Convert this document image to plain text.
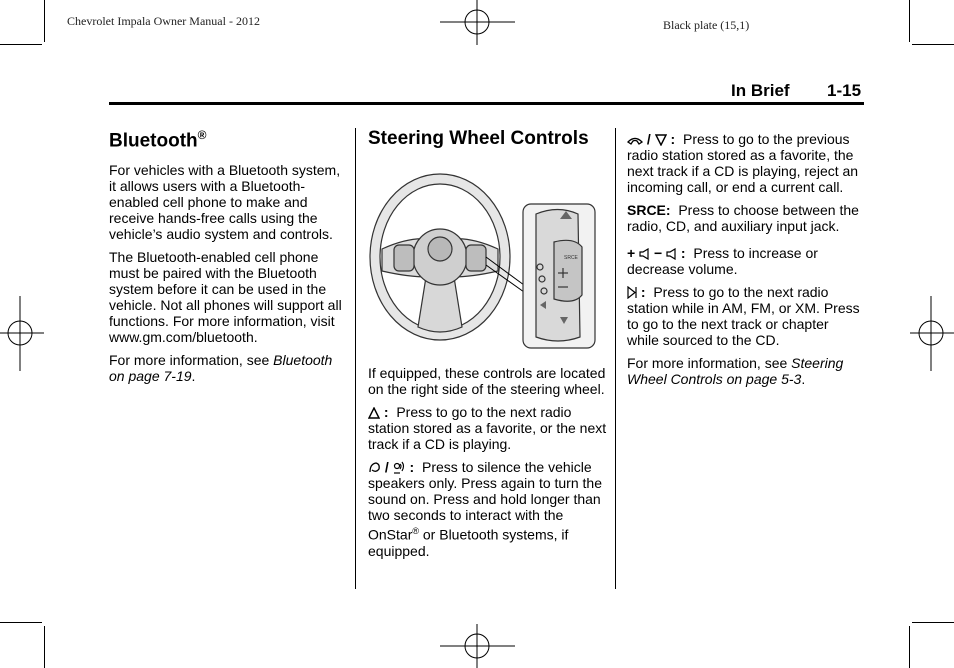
Chevrolet Impala Owner Manual - 2012	Black plate (15,1)
In Brief 1-15
Bluetooth®

For vehicles with a Bluetooth system, it allows users with a Bluetooth-enabled cell phone to make and receive hands-free calls using the vehicle’s audio system and controls.

The Bluetooth-enabled cell phone must be paired with the Bluetooth system before it can be used in the vehicle. Not all phones will support all functions. For more information, visit www.gm.com/bluetooth.

For more information, see Bluetooth on page 7-19.

Steering Wheel Controls
SRCE

If equipped, these controls are located on the right side of the steering wheel.

: Press to go to the next radio station stored as a favorite, or the next track if a CD is playing.

/  : Press to silence the vehicle speakers only. Press again to turn the sound on. Press and hold longer than two seconds to interact with the OnStar® or Bluetooth systems, if equipped.

/  : Press to go to the previous radio station stored as a favorite, the next track if a CD is playing, reject an incoming call, or end a current call.

SRCE: Press to choose between the radio, CD, and auxiliary input jack.

+  −  : Press to increase or decrease volume.

: Press to go to the next radio station while in AM, FM, or XM. Press to go to the next track or chapter while sourced to the CD.

For more information, see Steering Wheel Controls on page 5-3.
